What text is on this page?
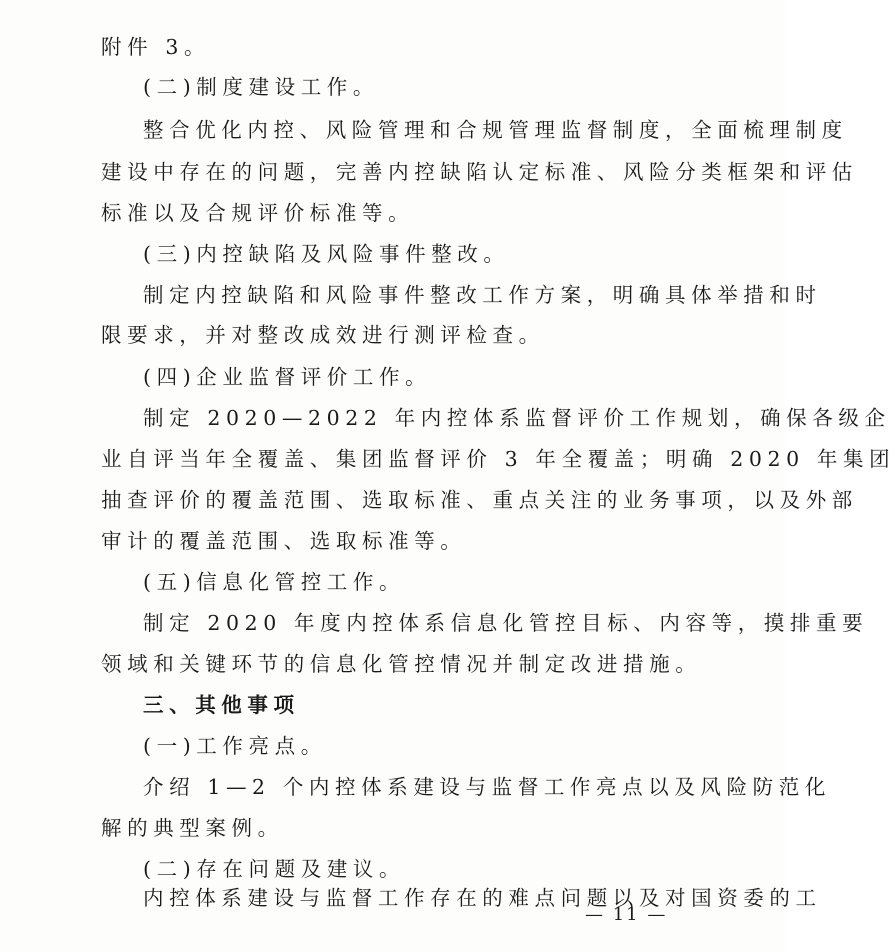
附件 3。
(二)制度建设工作。
整合优化内控、风险管理和合规管理监督制度，全面梳理制度
建设中存在的问题，完善内控缺陷认定标准、风险分类框架和评估
标准以及合规评价标准等。
(三)内控缺陷及风险事件整改。
制定内控缺陷和风险事件整改工作方案，明确具体举措和时
限要求，并对整改成效进行测评检查。
(四)企业监督评价工作。
制定 2020—2022 年内控体系监督评价工作规划，确保各级企
业自评当年全覆盖、集团监督评价 3 年全覆盖；明确 2020 年集团
抽查评价的覆盖范围、选取标准、重点关注的业务事项，以及外部
审计的覆盖范围、选取标准等。
(五)信息化管控工作。
制定 2020 年度内控体系信息化管控目标、内容等，摸排重要
领域和关键环节的信息化管控情况并制定改进措施。
三、其他事项
(一)工作亮点。
介绍 1—2 个内控体系建设与监督工作亮点以及风险防范化
解的典型案例。
(二)存在问题及建议。
内控体系建设与监督工作存在的难点问题以及对国资委的工
— 11 —
